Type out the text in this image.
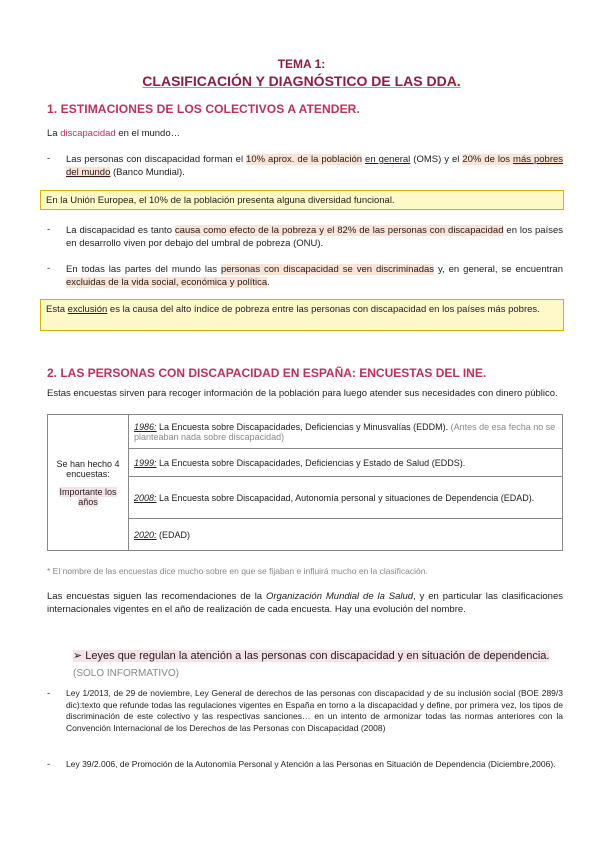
TEMA 1:
CLASIFICACIÓN Y DIAGNÓSTICO DE LAS DDA.
1. ESTIMACIONES DE LOS COLECTIVOS A ATENDER.
La discapacidad en el mundo…
- Las personas con discapacidad forman el 10% aprox. de la población en general (OMS) y el 20% de los más pobres del mundo (Banco Mundial).
En la Unión Europea, el 10% de la población presenta alguna diversidad funcional.
- La discapacidad es tanto causa como efecto de la pobreza y el 82% de las personas con discapacidad en los países en desarrollo viven por debajo del umbral de pobreza (ONU).
- En todas las partes del mundo las personas con discapacidad se ven discriminadas y, en general, se encuentran excluidas de la vida social, económica y política.
Esta exclusión es la causa del alto índice de pobreza entre las personas con discapacidad en los países más pobres.
2. LAS PERSONAS CON DISCAPACIDAD EN ESPAÑA: ENCUESTAS DEL INE.
Estas encuestas sirven para recoger información de la población para luego atender sus necesidades con dinero público.
Se han hecho 4 encuestas:
Importante los años
	1986: La Encuesta sobre Discapacidades, Deficiencias y Minusvalías (EDDM). (Antes de esa fecha no se planteaban nada sobre discapacidad)
1999: La Encuesta sobre Discapacidades, Deficiencias y Estado de Salud (EDDS).
2008: La Encuesta sobre Discapacidad, Autonomía personal y situaciones de Dependencia (EDAD).
2020: (EDAD)
* El nombre de las encuestas dice mucho sobre en que se fijaban e influirá mucho en la clasificación.
Las encuestas siguen las recomendaciones de la Organización Mundial de la Salud, y en particular las clasificaciones internacionales vigentes en el año de realización de cada encuesta. Hay una evolución del nombre.
➢ Leyes que regulan la atención a las personas con discapacidad y en situación de dependencia. (SOLO INFORMATIVO)
- Ley 1/2013, de 29 de noviembre, Ley General de derechos de las personas con discapacidad y de su inclusión social (BOE 289/3 dic):texto que refunde todas las regulaciones vigentes en España en torno a la discapacidad y define, por primera vez, los tipos de discriminación de este colectivo y las respectivas sanciones… en un intento de armonizar todas las normas anteriores con la Convención Internacional de los Derechos de las Personas con Discapacidad (2008)
- Ley 39/2.006, de Promoción de la Autonomía Personal y Atención a las Personas en Situación de Dependencia (Diciembre,2006).
